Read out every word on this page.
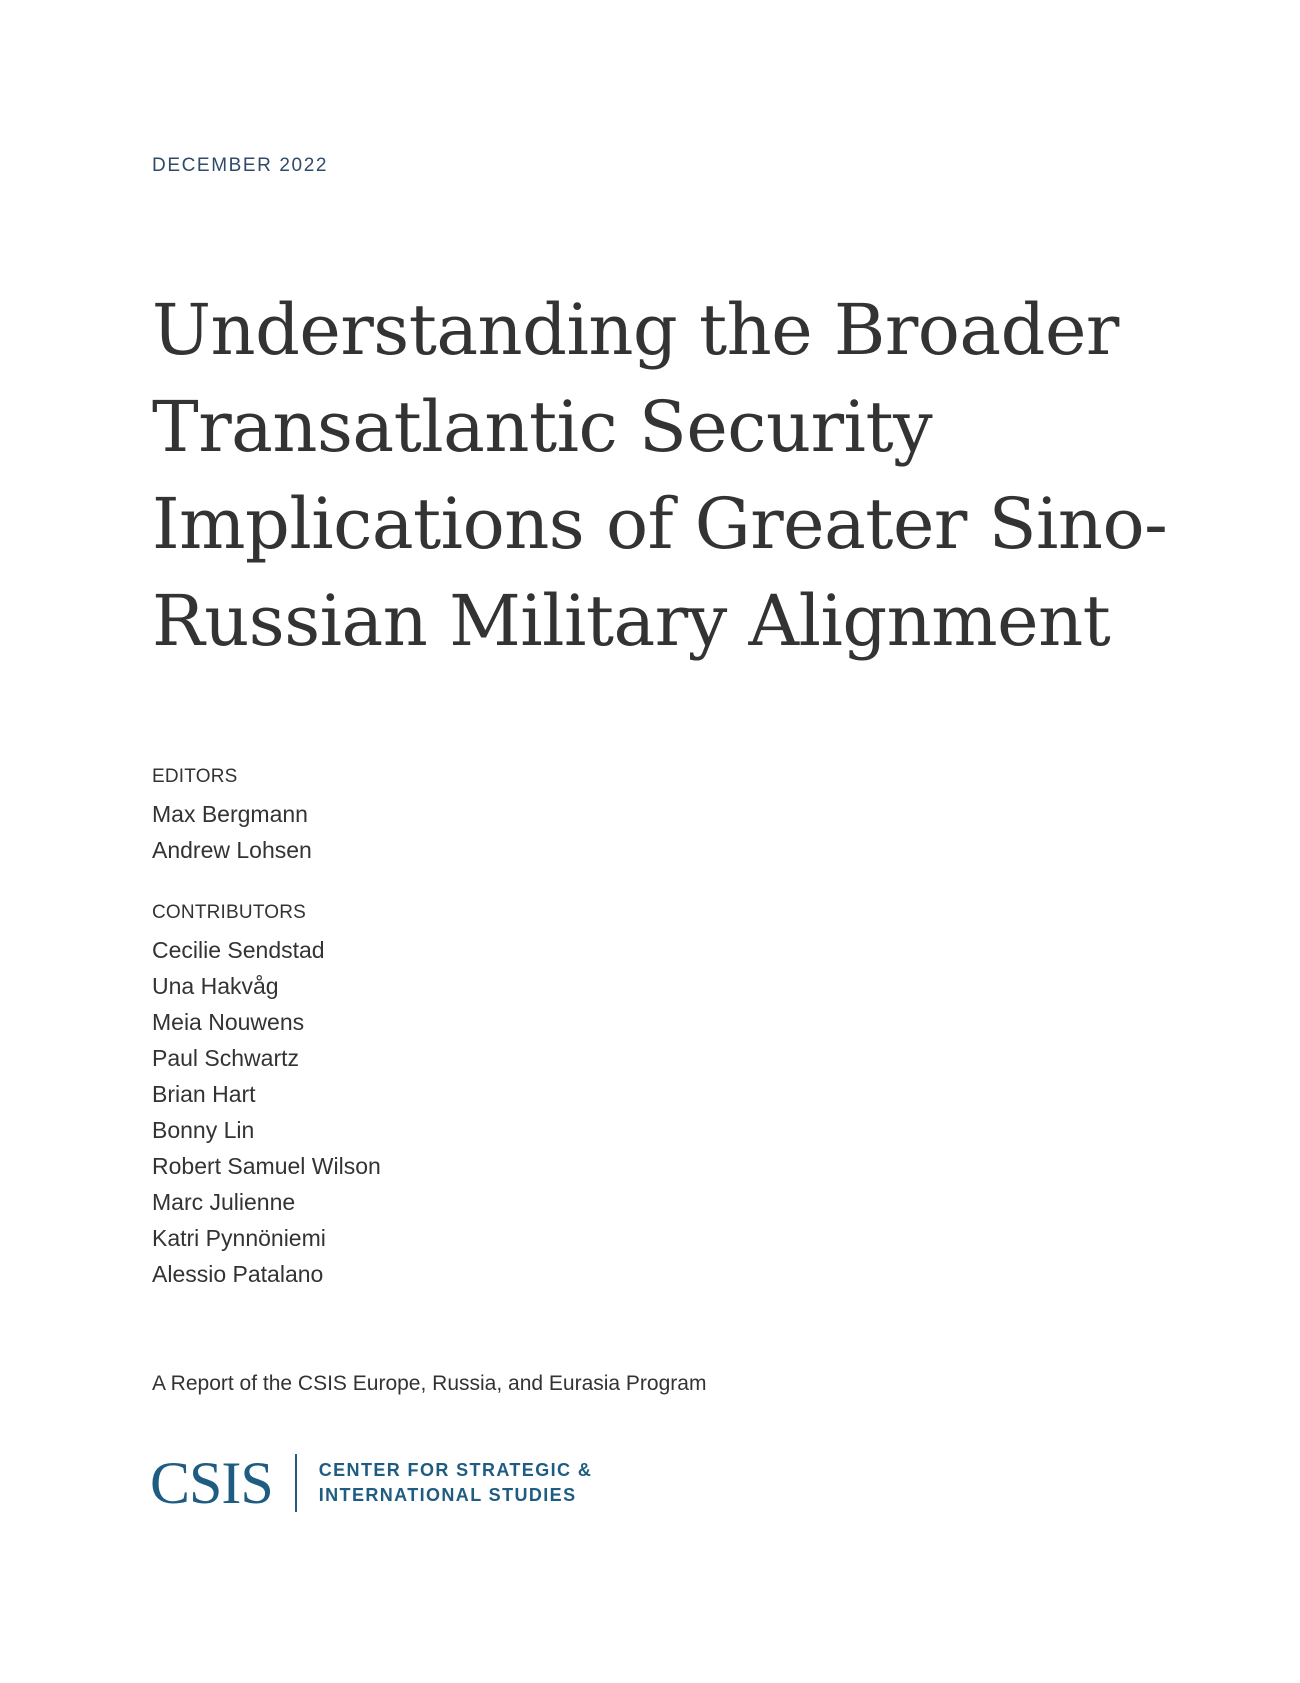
DECEMBER 2022
Understanding the Broader
Transatlantic Security
Implications of Greater Sino-
Russian Military Alignment
EDITORS
Max Bergmann
Andrew Lohsen
CONTRIBUTORS
Cecilie Sendstad
Una Hakvåg
Meia Nouwens
Paul Schwartz
Brian Hart
Bonny Lin
Robert Samuel Wilson
Marc Julienne
Katri Pynnöniemi
Alessio Patalano
A Report of the CSIS Europe, Russia, and Eurasia Program
CSIS	CENTER FOR STRATEGIC &
INTERNATIONAL STUDIES
